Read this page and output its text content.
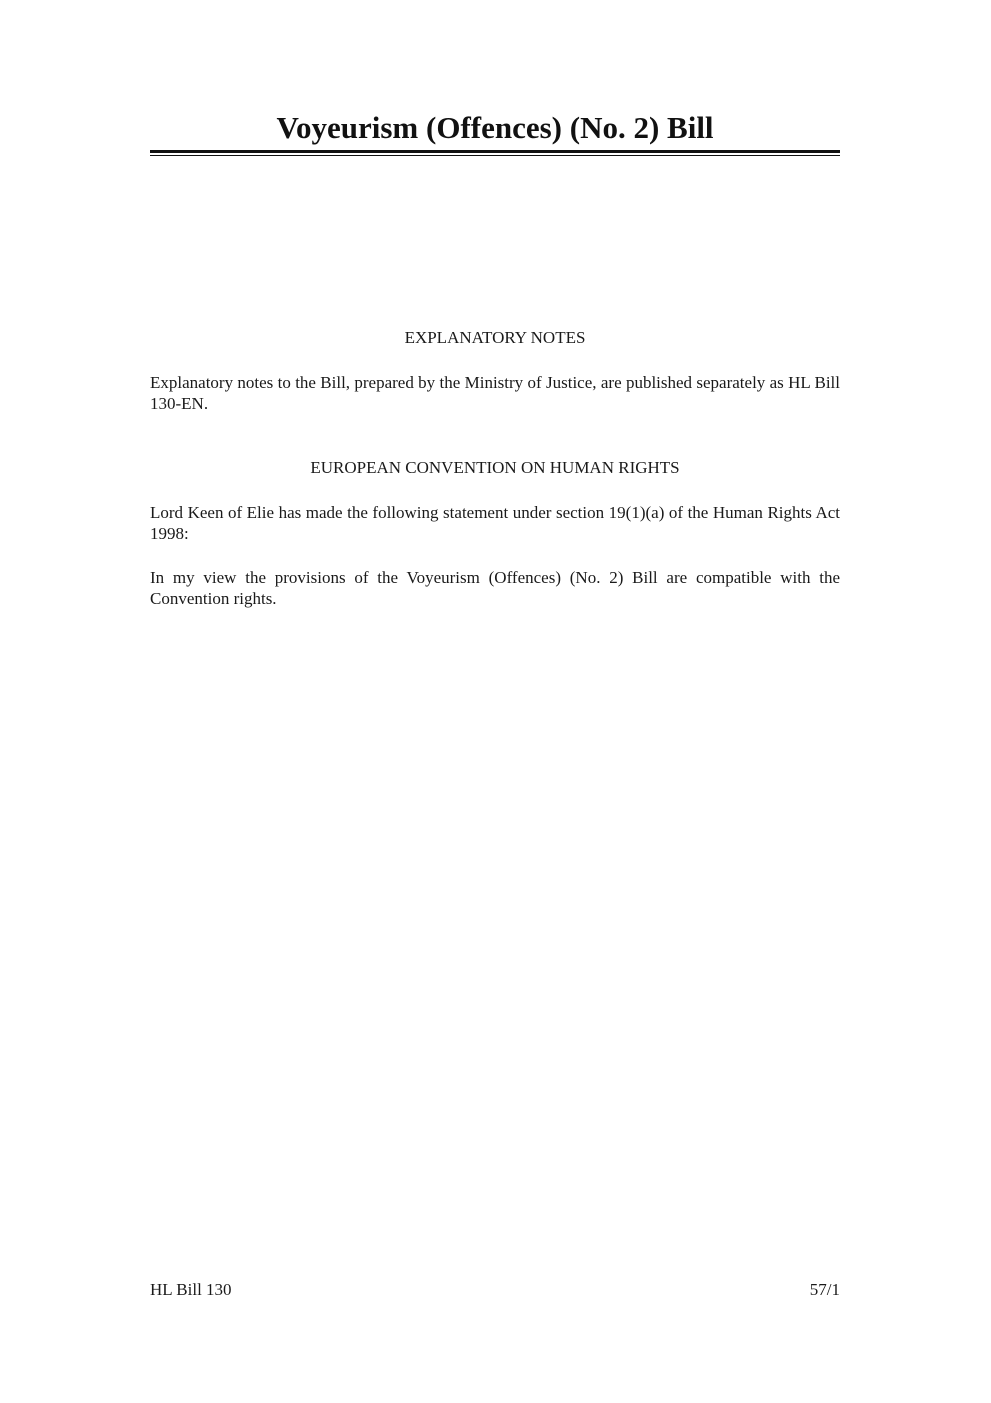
Voyeurism (Offences) (No. 2) Bill
EXPLANATORY NOTES

Explanatory notes to the Bill, prepared by the Ministry of Justice, are published separately as HL Bill 130-EN.

EUROPEAN CONVENTION ON HUMAN RIGHTS

Lord Keen of Elie has made the following statement under section 19(1)(a) of the Human Rights Act 1998:

In my view the provisions of the Voyeurism (Offences) (No. 2) Bill are compatible with the Convention rights.

HL Bill 130	57/1
